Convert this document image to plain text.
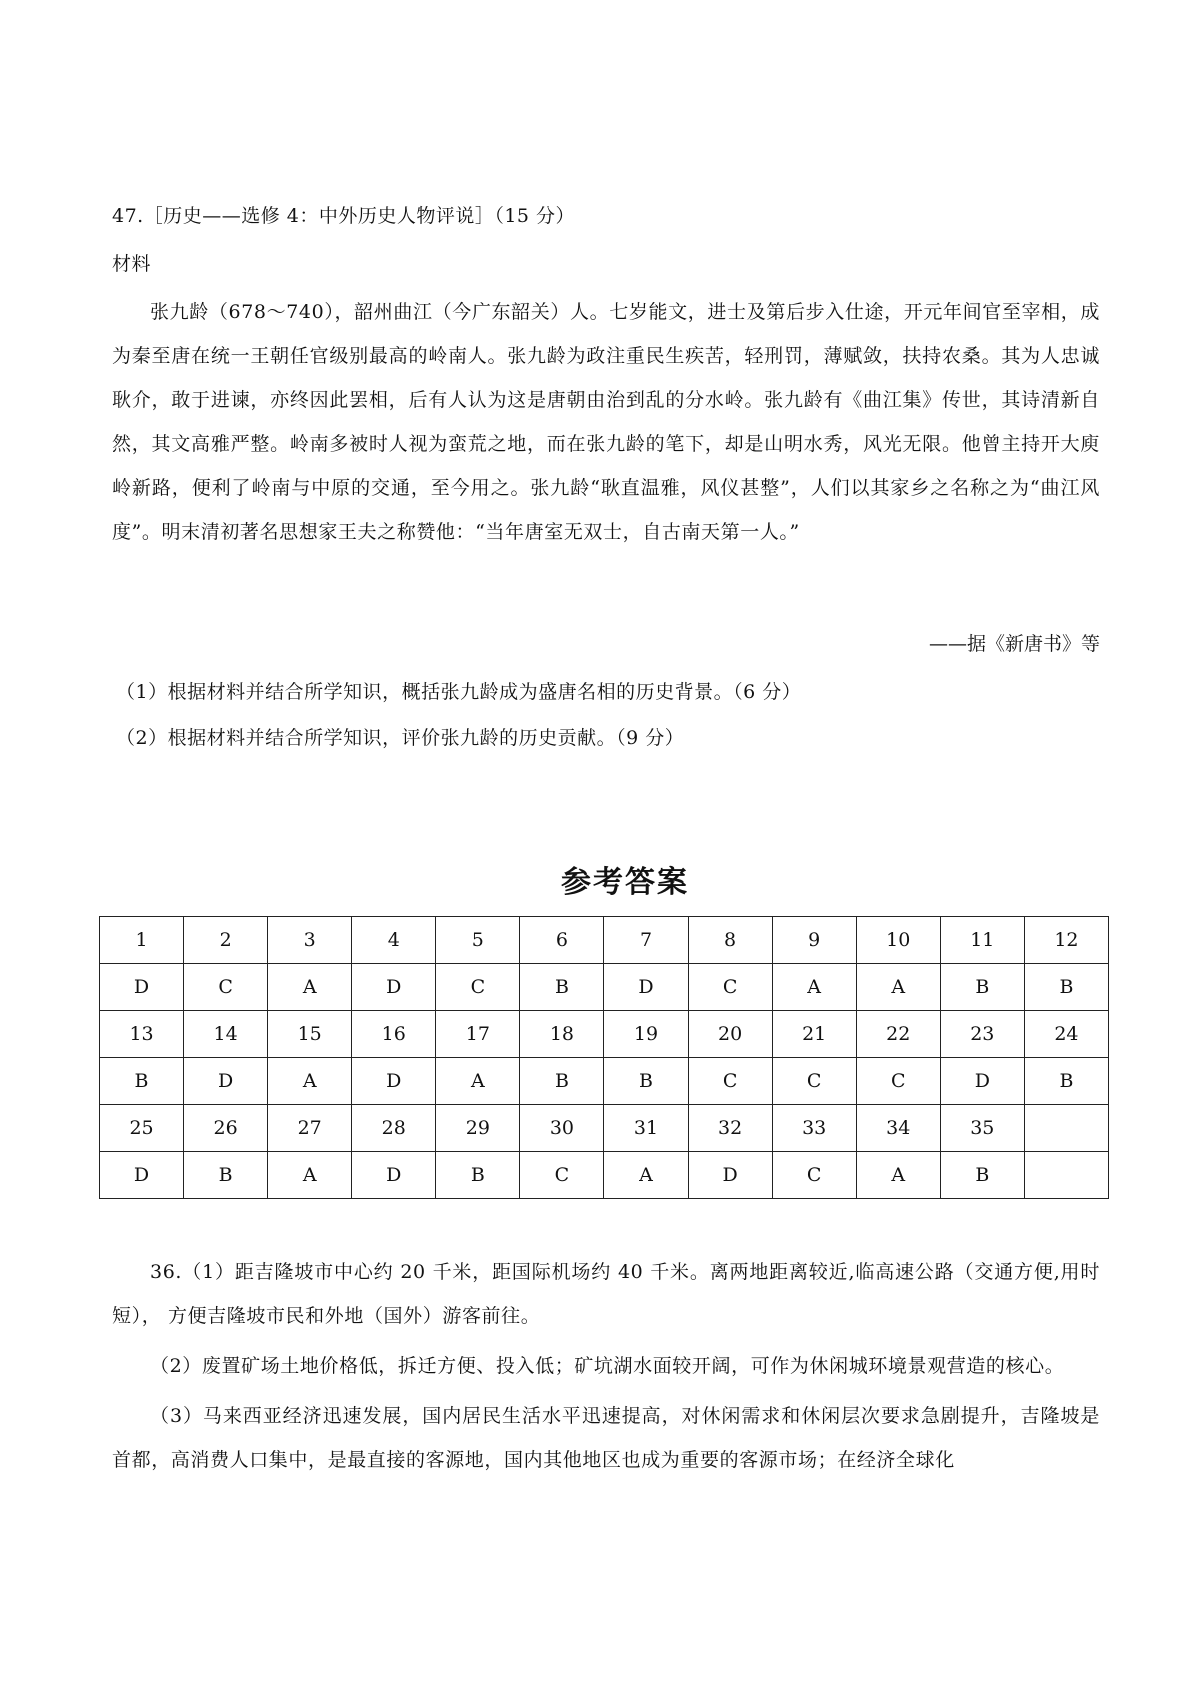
47.［历史——选修 4：中外历史人物评说］（15 分）
材料

张九龄（678～740），韶州曲江（今广东韶关）人。七岁能文，进士及第后步入仕途，开元年间官至宰相，成为秦至唐在统一王朝任官级别最高的岭南人。张九龄为政注重民生疾苦，轻刑罚，薄赋敛，扶持农桑。其为人忠诚耿介，敢于进谏，亦终因此罢相，后有人认为这是唐朝由治到乱的分水岭。张九龄有《曲江集》传世，其诗清新自然，其文高雅严整。岭南多被时人视为蛮荒之地，而在张九龄的笔下，却是山明水秀，风光无限。他曾主持开大庾岭新路，便利了岭南与中原的交通，至今用之。张九龄“耿直温雅，风仪甚整”，人们以其家乡之名称之为“曲江风度”。明末清初著名思想家王夫之称赞他：“当年唐室无双士，自古南天第一人。”

——据《新唐书》等
（1）根据材料并结合所学知识，概括张九龄成为盛唐名相的历史背景。（6 分）
（2）根据材料并结合所学知识，评价张九龄的历史贡献。（9 分）
参考答案
1	2	3	4	5	6	7	8	9	10	11	12
D	C	A	D	C	B	D	C	A	A	B	B
13	14	15	16	17	18	19	20	21	22	23	24
B	D	A	D	A	B	B	C	C	C	D	B
25	26	27	28	29	30	31	32	33	34	35	
D	B	A	D	B	C	A	D	C	A	B	

36.（1）距吉隆坡市中心约 20 千米，距国际机场约 40 千米。离两地距离较近,临高速公路（交通方便,用时短）， 方便吉隆坡市民和外地（国外）游客前往。

（2）废置矿场土地价格低，拆迁方便、投入低；矿坑湖水面较开阔，可作为休闲城环境景观营造的核心。

（3）马来西亚经济迅速发展，国内居民生活水平迅速提高，对休闲需求和休闲层次要求急剧提升，吉隆坡是首都，高消费人口集中，是最直接的客源地，国内其他地区也成为重要的客源市场；在经济全球化
